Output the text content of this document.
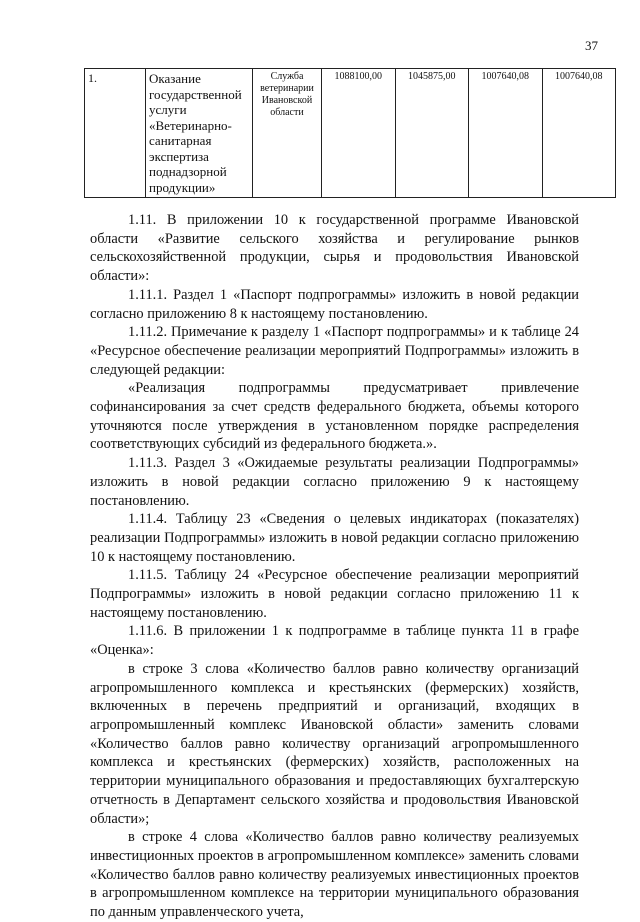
37
1.	Оказание государственной услуги «Ветеринарно-санитарная экспертиза поднадзорной продукции»	Служба ветеринарии Ивановской области	1088100,00	1045875,00	1007640,08	1007640,08

1.11. В приложении 10 к государственной программе Ивановской области «Развитие сельского хозяйства и регулирование рынков сельскохозяйственной продукции, сырья и продовольствия Ивановской области»:

1.11.1. Раздел 1 «Паспорт подпрограммы» изложить в новой редакции согласно приложению 8 к настоящему постановлению.

1.11.2. Примечание к разделу 1 «Паспорт подпрограммы» и к таблице 24 «Ресурсное обеспечение реализации мероприятий Подпрограммы» изложить в следующей редакции:

«Реализация подпрограммы предусматривает привлечение софинансирования за счет средств федерального бюджета, объемы которого уточняются после утверждения в установленном порядке распределения соответствующих субсидий из федерального бюджета.».

1.11.3. Раздел 3 «Ожидаемые результаты реализации Подпрограммы» изложить в новой редакции согласно приложению 9 к настоящему постановлению.

1.11.4. Таблицу 23 «Сведения о целевых индикаторах (показателях) реализации Подпрограммы» изложить в новой редакции согласно приложению 10 к настоящему постановлению.

1.11.5. Таблицу 24 «Ресурсное обеспечение реализации мероприятий Подпрограммы» изложить в новой редакции согласно приложению 11 к настоящему постановлению.

1.11.6. В приложении 1 к подпрограмме в таблице пункта 11 в графе «Оценка»:

в строке 3 слова «Количество баллов равно количеству организаций агропромышленного комплекса и крестьянских (фермерских) хозяйств, включенных в перечень предприятий и организаций, входящих в агропромышленный комплекс Ивановской области» заменить словами «Количество баллов равно количеству организаций агропромышленного комплекса и крестьянских (фермерских) хозяйств, расположенных на территории муниципального образования и предоставляющих бухгалтерскую отчетность в Департамент сельского хозяйства и продовольствия Ивановской области»;

в строке 4 слова «Количество баллов равно количеству реализуемых инвестиционных проектов в агропромышленном комплексе» заменить словами «Количество баллов равно количеству реализуемых инвестиционных проектов в агропромышленном комплексе на территории муниципального образования по данным управленческого учета,
